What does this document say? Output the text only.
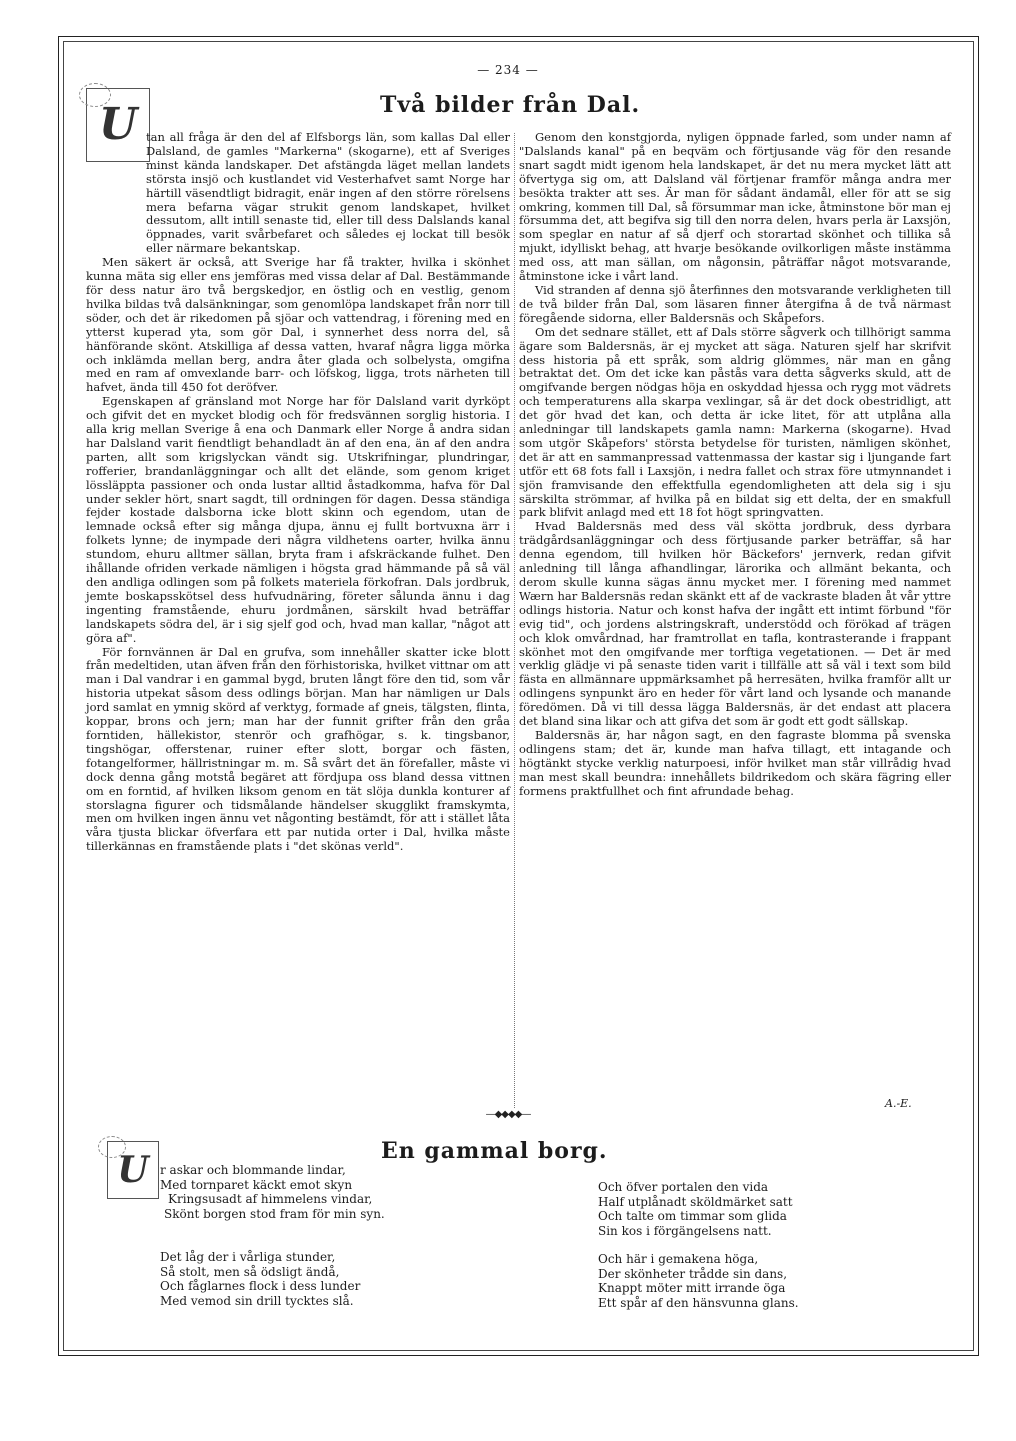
— 234 —
U	Två bilder från Dal.

tan all fråga är den del af Elfsborgs län, som kallas Dal eller Dalsland, de gamles "Markerna" (skogarne), ett af Sveriges minst kända landskaper. Det afstängda läget mellan landets största insjö och kustlandet vid Vesterhafvet samt Norge har härtill väsendtligt bidragit, enär ingen af den större rörelsens mera befarna vägar strukit genom landskapet, hvilket dessutom, allt intill senaste tid, eller till dess Dalslands kanal öppnades, varit svårbefaret och således ej lockat till besök eller närmare bekantskap.

Men säkert är också, att Sverige har få trakter, hvilka i skönhet kunna mäta sig eller ens jemföras med vissa delar af Dal. Bestämmande för dess natur äro två bergskedjor, en östlig och en vestlig, genom hvilka bildas två dalsänkningar, som genomlöpa landskapet från norr till söder, och det är rikedomen på sjöar och vattendrag, i förening med en ytterst kuperad yta, som gör Dal, i synnerhet dess norra del, så hänförande skönt. Atskilliga af dessa vatten, hvaraf några ligga mörka och inklämda mellan berg, andra åter glada och solbelysta, omgifna med en ram af omvexlande barr- och löfskog, ligga, trots närheten till hafvet, ända till 450 fot deröfver.

Egenskapen af gränsland mot Norge har för Dalsland varit dyrköpt och gifvit det en mycket blodig och för fredsvännen sorglig historia. I alla krig mellan Sverige å ena och Danmark eller Norge å andra sidan har Dalsland varit fiendtligt behandladt än af den ena, än af den andra parten, allt som krigslyckan vändt sig. Utskrifningar, plundringar, rofferier, brandanläggningar och allt det elände, som genom kriget lössläpptа passioner och onda lustar alltid åstadkomma, hafva för Dal under sekler hört, snart sagdt, till ordningen för dagen. Dessa ständiga fejder kostade dalsborna icke blott skinn och egendom, utan de lemnade också efter sig många djupa, ännu ej fullt bortvuxna ärr i folkets lynne; de inympade deri några vildhetens oarter, hvilka ännu stundom, ehuru alltmer sällan, bryta fram i afskräckande fulhet. Den ihållande ofriden verkade nämligen i högsta grad hämmande på så väl den andliga odlingen som på folkets materiela förkofran. Dals jordbruk, jemte boskapsskötsel dess hufvudnäring, företer sålunda ännu i dag ingenting framstående, ehuru jordmånen, särskilt hvad beträffar landskapets södra del, är i sig sjelf god och, hvad man kallar, "något att göra af".

För fornvännen är Dal en grufva, som innehåller skatter icke blott från medeltiden, utan äfven från den förhistoriska, hvilket vittnar om att man i Dal vandrar i en gammal bygd, bruten långt före den tid, som vår historia utpekat såsom dess odlings början. Man har nämligen ur Dals jord samlat en ymnig skörd af verktyg, formade af gneis, tälgsten, flinta, koppar, brons och jern; man har der funnit grifter från den gråa forntiden, hällekistor, stenrör och grafhögar, s. k. tingsbanor, tingshögar, offerstenar, ruiner efter slott, borgar och fästen, fotangelformer, hällristningar m. m. Så svårt det än förefaller, måste vi dock denna gång motstå begäret att fördjupa oss bland dessa vittnen om en forntid, af hvilken liksom genom en tät slöja dunkla konturer af storslagna figurer och tidsmålande händelser skugglikt framskymta, men om hvilken ingen ännu vet någonting bestämdt, för att i stället låta våra tjusta blickar öfverfara ett par nutida orter i Dal, hvilka måste tillerkännas en framstående plats i "det skönas verld".

Genom den konstgjorda, nyligen öppnade farled, som under namn af "Dalslands kanal" på en beqväm och förtjusande väg för den resande snart sagdt midt igenom hela landskapet, är det nu mera mycket lätt att öfvertyga sig om, att Dalsland väl förtjenar framför många andra mer besökta trakter att ses. Är man för sådant ändamål, eller för att se sig omkring, kommen till Dal, så försummar man icke, åtminstone bör man ej försumma det, att begifva sig till den norra delen, hvars perla är Laxsjön, som speglar en natur af så djerf och storartad skönhet och tillika så mjukt, idylliskt behag, att hvarje besökande ovilkorligen måste instämma med oss, att man sällan, om någonsin, påträffar något motsvarande, åtminstone icke i vårt land.

Vid stranden af denna sjö återfinnes den motsvarande verkligheten till de två bilder från Dal, som läsaren finner återgifna å de två närmast föregående sidorna, eller Baldersnäs och Skåpefors.

Om det sednare stället, ett af Dals större sågverk och tillhörigt samma ägare som Baldersnäs, är ej mycket att säga. Naturen sjelf har skrifvit dess historia på ett språk, som aldrig glömmes, när man en gång betraktat det. Om det icke kan påstås vara detta sågverks skuld, att de omgifvande bergen nödgas höja en oskyddad hjessa och rygg mot vädrets och temperaturens alla skarpa vexlingar, så är det dock obestridligt, att det gör hvad det kan, och detta är icke litet, för att utplåna alla anledningar till landskapets gamla namn: Markerna (skogarne). Hvad som utgör Skåpefors' största betydelse för turisten, nämligen skönhet, det är att en sammanpressad vattenmassa der kastar sig i ljungande fart utför ett 68 fots fall i Laxsjön, i nedra fallet och strax före utmynnandet i sjön framvisande den effektfulla egendomligheten att dela sig i sju särskilta strömmar, af hvilka på en bildat sig ett delta, der en smakfull park blifvit anlagd med ett 18 fot högt springvatten.

Hvad Baldersnäs med dess väl skötta jordbruk, dess dyrbara trädgårdsanläggningar och dess förtjusande parker beträffar, så har denna egendom, till hvilken hör Bäckefors' jernverk, redan gifvit anledning till långa afhandlingar, lärorika och allmänt bekanta, och derom skulle kunna sägas ännu mycket mer. I förening med nammet Wærn har Baldersnäs redan skänkt ett af de vackraste bladen åt vår yttre odlings historia. Natur och konst hafva der ingått ett intimt förbund "för evig tid", och jordens alstringskraft, understödd och förökad af trägen och klok omvårdnad, har framtrollat en tafla, kontrasterande i frappant skönhet mot den omgifvande mer torftiga vegetationen. — Det är med verklig glädje vi på senaste tiden varit i tillfälle att så väl i text som bild fästa en allmännare uppmärksamhet på herresäten, hvilka framför allt ur odlingens synpunkt äro en heder för vårt land och lysande och manande föredömen. Då vi till dessa lägga Baldersnäs, är det endast att placera det bland sina likar och att gifva det som är godt ett godt sällskap.

Baldersnäs är, har någon sagt, en den fagraste blomma på svenska odlingens stam; det är, kunde man hafva tillagt, ett intagande och högtänkt stycke verklig naturpoesi, inför hvilket man står villrådig hvad man mest skall beundra: innehållets bildrikedom och skära fägring eller formens praktfullhet och fint afrundade behag.

A.-E.
—◆◆◆◆—
U	En gammal borg.
r askar och blommande lindar,
Med tornparet käckt emot skyn
Kringsusadt af himmelens vindar,
Skönt borgen stod fram för min syn.
Det låg der i vårliga stunder,
Så stolt, men så ödsligt ändå,
Och fåglarnes flock i dess lunder
Med vemod sin drill tycktes slå.
Och öfver portalen den vida
Half utplånadt sköldmärket satt
Och talte om timmar som glida
Sin kos i förgängelsens natt.
Och här i gemakena höga,
Der skönheter trådde sin dans,
Knappt möter mitt irrande öga
Ett spår af den hänsvunna glans.
